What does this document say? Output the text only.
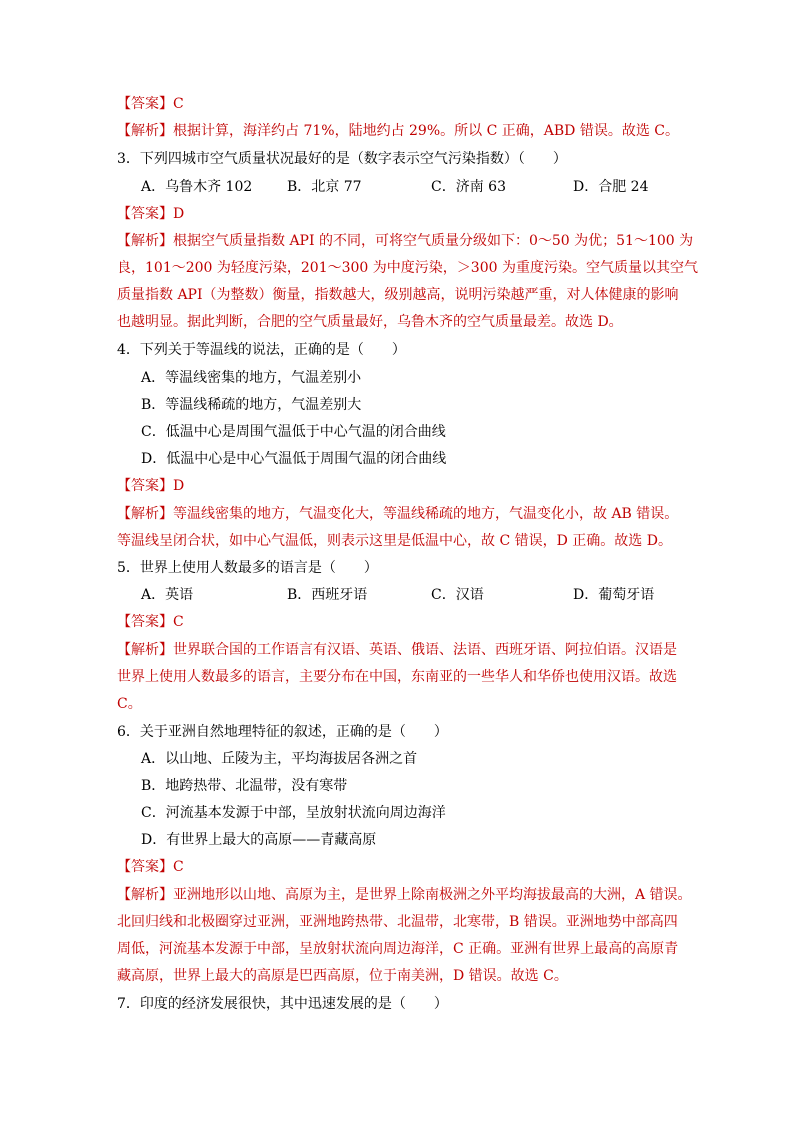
【答案】C
【解析】根据计算，海洋约占 71%，陆地约占 29%。所以 C 正确，ABD 错误。故选 C。
3．下列四城市空气质量状况最好的是（数字表示空气污染指数）（　　）
A．乌鲁木齐 102 B．北京 77	C．济南 63	D．合肥 24
【答案】D
【解析】根据空气质量指数 API 的不同，可将空气质量分级如下：0～50 为优；51～100 为
良，101～200 为轻度污染，201～300 为中度污染，＞300 为重度污染。空气质量以其空气
质量指数 API（为整数）衡量，指数越大，级别越高，说明污染越严重，对人体健康的影响
也越明显。据此判断，合肥的空气质量最好，乌鲁木齐的空气质量最差。故选 D。
4．下列关于等温线的说法，正确的是（　　）
A．等温线密集的地方，气温差别小
B．等温线稀疏的地方，气温差别大
C．低温中心是周围气温低于中心气温的闭合曲线
D．低温中心是中心气温低于周围气温的闭合曲线
【答案】D
【解析】等温线密集的地方，气温变化大，等温线稀疏的地方，气温变化小，故 AB 错误。
等温线呈闭合状，如中心气温低，则表示这里是低温中心，故 C 错误，D 正确。故选 D。
5．世界上使用人数最多的语言是（　　）
A．英语	B．西班牙语	C．汉语	D．葡萄牙语
【答案】C
【解析】世界联合国的工作语言有汉语、英语、俄语、法语、西班牙语、阿拉伯语。汉语是
世界上使用人数最多的语言，主要分布在中国，东南亚的一些华人和华侨也使用汉语。故选
C。
6．关于亚洲自然地理特征的叙述，正确的是（　　）
A．以山地、丘陵为主，平均海拔居各洲之首
B．地跨热带、北温带，没有寒带
C．河流基本发源于中部，呈放射状流向周边海洋
D．有世界上最大的高原——青藏高原
【答案】C
【解析】亚洲地形以山地、高原为主，是世界上除南极洲之外平均海拔最高的大洲，A 错误。
北回归线和北极圈穿过亚洲，亚洲地跨热带、北温带，北寒带，B 错误。亚洲地势中部高四
周低，河流基本发源于中部，呈放射状流向周边海洋，C 正确。亚洲有世界上最高的高原青
藏高原，世界上最大的高原是巴西高原，位于南美洲，D 错误。故选 C。
7．印度的经济发展很快，其中迅速发展的是（　　）
